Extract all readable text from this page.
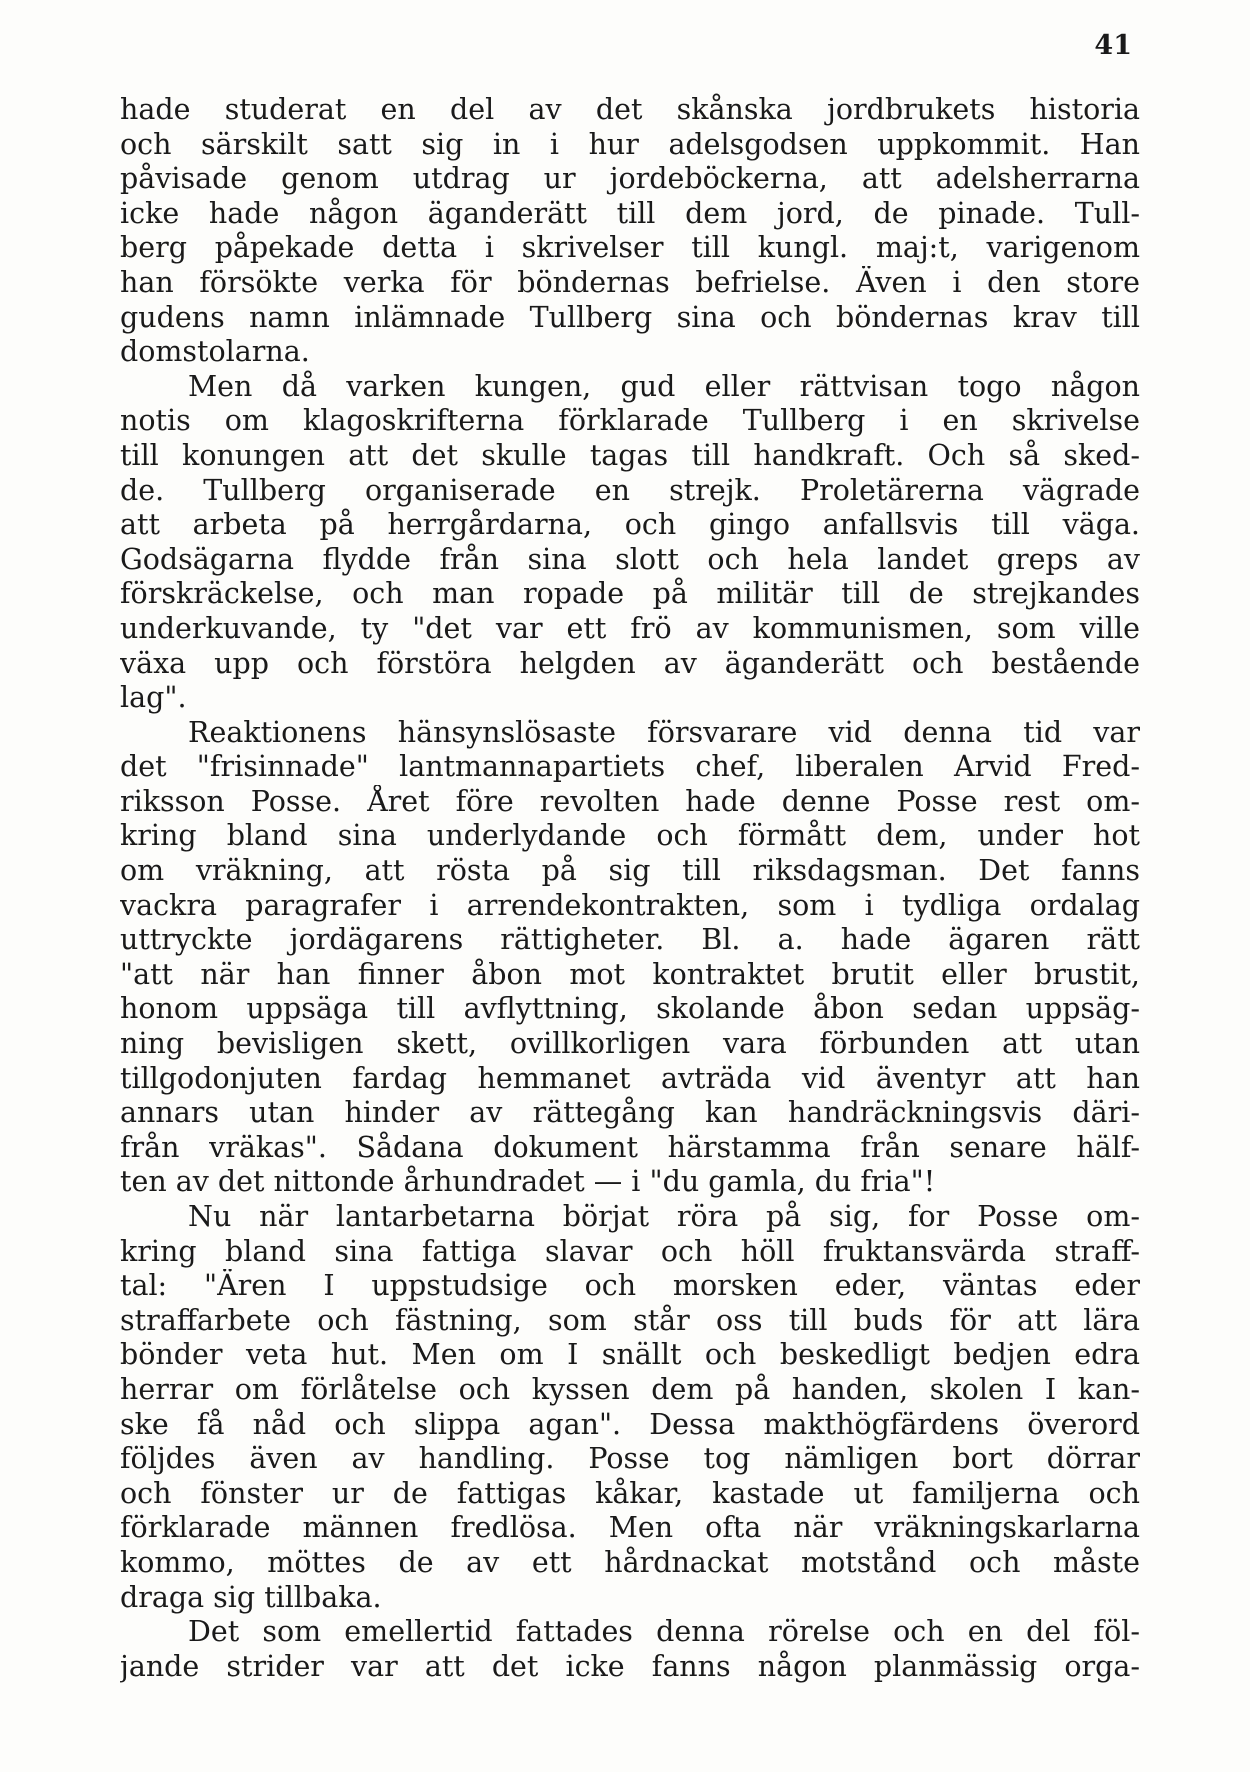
41
hade studerat en del av det skånska jordbrukets historia
och särskilt satt sig in i hur adelsgodsen uppkommit. Han
påvisade genom utdrag ur jordeböckerna, att adelsherrarna
icke hade någon äganderätt till dem jord, de pinade. Tull-
berg påpekade detta i skrivelser till kungl. maj:t, varigenom
han försökte verka för böndernas befrielse. Även i den store
gudens namn inlämnade Tullberg sina och böndernas krav till
domstolarna.
Men då varken kungen, gud eller rättvisan togo någon
notis om klagoskrifterna förklarade Tullberg i en skrivelse
till konungen att det skulle tagas till handkraft. Och så sked-
de. Tullberg organiserade en strejk. Proletärerna vägrade
att arbeta på herrgårdarna, och gingo anfallsvis till väga.
Godsägarna flydde från sina slott och hela landet greps av
förskräckelse, och man ropade på militär till de strejkandes
underkuvande, ty "det var ett frö av kommunismen, som ville
växa upp och förstöra helgden av äganderätt och bestående
lag".
Reaktionens hänsynslösaste försvarare vid denna tid var
det "frisinnade" lantmannapartiets chef, liberalen Arvid Fred-
riksson Posse. Året före revolten hade denne Posse rest om-
kring bland sina underlydande och förmått dem, under hot
om vräkning, att rösta på sig till riksdagsman. Det fanns
vackra paragrafer i arrendekontrakten, som i tydliga ordalag
uttryckte jordägarens rättigheter. Bl. a. hade ägaren rätt
"att när han finner åbon mot kontraktet brutit eller brustit,
honom uppsäga till avflyttning, skolande åbon sedan uppsäg-
ning bevisligen skett, ovillkorligen vara förbunden att utan
tillgodonjuten fardag hemmanet avträda vid äventyr att han
annars utan hinder av rättegång kan handräckningsvis däri-
från vräkas". Sådana dokument härstamma från senare hälf-
ten av det nittonde århundradet — i "du gamla, du fria"!
Nu när lantarbetarna börjat röra på sig, for Posse om-
kring bland sina fattiga slavar och höll fruktansvärda straff-
tal: "Ären I uppstudsige och morsken eder, väntas eder
straffarbete och fästning, som står oss till buds för att lära
bönder veta hut. Men om I snällt och beskedligt bedjen edra
herrar om förlåtelse och kyssen dem på handen, skolen I kan-
ske få nåd och slippa agan". Dessa makthögfärdens överord
följdes även av handling. Posse tog nämligen bort dörrar
och fönster ur de fattigas kåkar, kastade ut familjerna och
förklarade männen fredlösa. Men ofta när vräkningskarlarna
kommo, möttes de av ett hårdnackat motstånd och måste
draga sig tillbaka.
Det som emellertid fattades denna rörelse och en del föl-
jande strider var att det icke fanns någon planmässig orga-
